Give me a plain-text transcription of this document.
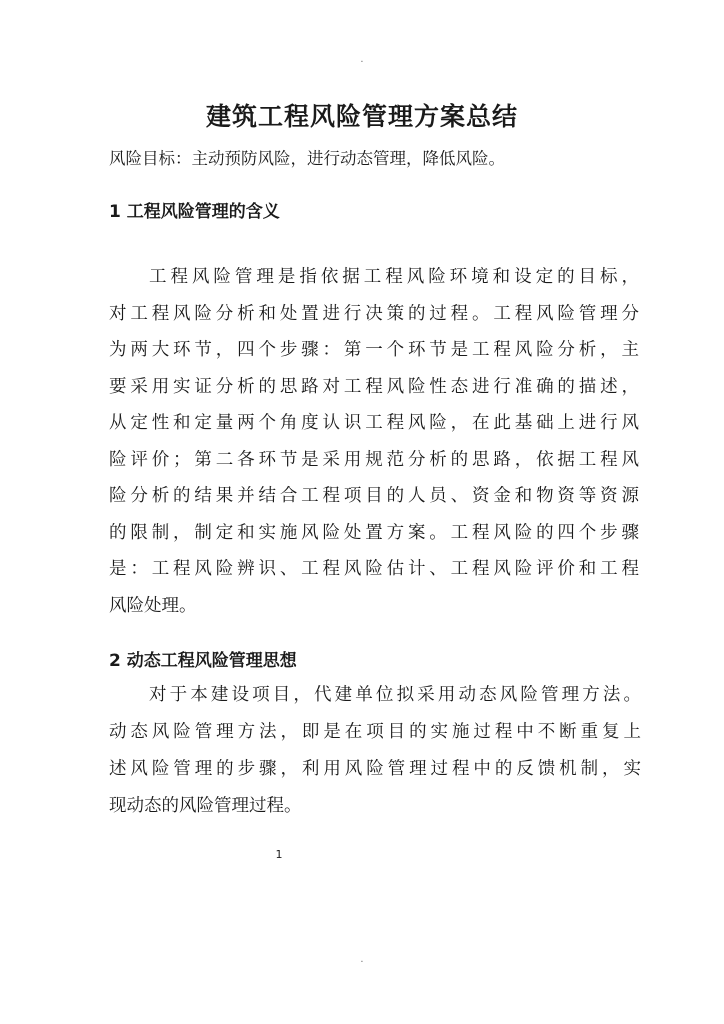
·
建筑工程风险管理方案总结
风险目标：主动预防风险，进行动态管理，降低风险。
1 工程风险管理的含义
工程风险管理是指依据工程风险环境和设定的目标，
对工程风险分析和处置进行决策的过程。工程风险管理分
为两大环节，四个步骤：第一个环节是工程风险分析，主
要采用实证分析的思路对工程风险性态进行准确的描述，
从定性和定量两个角度认识工程风险，在此基础上进行风
险评价；第二各环节是采用规范分析的思路，依据工程风
险分析的结果并结合工程项目的人员、资金和物资等资源
的限制，制定和实施风险处置方案。工程风险的四个步骤
是：工程风险辨识、工程风险估计、工程风险评价和工程
风险处理。
2 动态工程风险管理思想
对于本建设项目，代建单位拟采用动态风险管理方法。
动态风险管理方法，即是在项目的实施过程中不断重复上
述风险管理的步骤，利用风险管理过程中的反馈机制，实
现动态的风险管理过程。
1
·
